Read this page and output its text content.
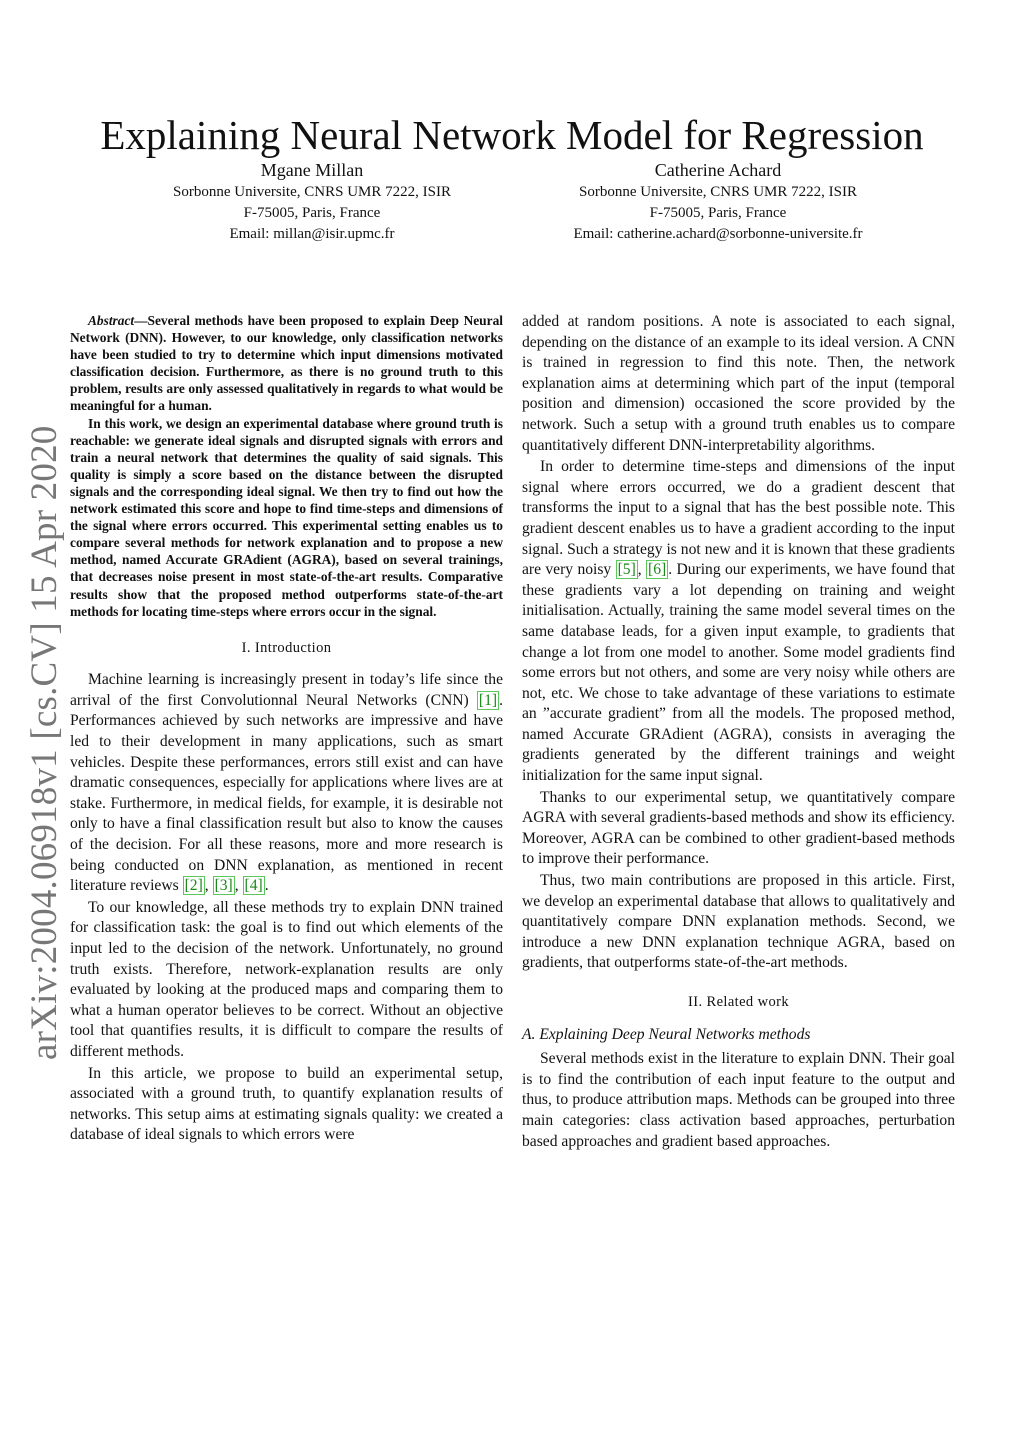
Explaining Neural Network Model for Regression
Mgane Millan
Sorbonne Universite, CNRS UMR 7222, ISIR
F-75005, Paris, France
Email: millan@isir.upmc.fr
Catherine Achard
Sorbonne Universite, CNRS UMR 7222, ISIR
F-75005, Paris, France
Email: catherine.achard@sorbonne-universite.fr
arXiv:2004.06918v1 [cs.CV] 15 Apr 2020

Abstract—Several methods have been proposed to explain Deep Neural Network (DNN). However, to our knowledge, only classification networks have been studied to try to determine which input dimensions motivated classification decision. Furthermore, as there is no ground truth to this problem, results are only assessed qualitatively in regards to what would be meaningful for a human.

In this work, we design an experimental database where ground truth is reachable: we generate ideal signals and disrupted signals with errors and train a neural network that determines the quality of said signals. This quality is simply a score based on the distance between the disrupted signals and the corresponding ideal signal. We then try to find out how the network estimated this score and hope to find time-steps and dimensions of the signal where errors occurred. This experimental setting enables us to compare several methods for network explanation and to propose a new method, named Accurate GRAdient (AGRA), based on several trainings, that decreases noise present in most state-of-the-art results. Comparative results show that the proposed method outperforms state-of-the-art methods for locating time-steps where errors occur in the signal.

I. Introduction

Machine learning is increasingly present in today’s life since the arrival of the first Convolutionnal Neural Networks (CNN) [1] . Performances achieved by such networks are impressive and have led to their development in many applications, such as smart vehicles. Despite these performances, errors still exist and can have dramatic consequences, especially for applications where lives are at stake. Furthermore, in medical fields, for example, it is desirable not only to have a final classification result but also to know the causes of the decision. For all these reasons, more and more research is being conducted on DNN explanation, as mentioned in recent literature reviews [2] , [3] , [4] .

To our knowledge, all these methods try to explain DNN trained for classification task: the goal is to find out which elements of the input led to the decision of the network. Unfortunately, no ground truth exists. Therefore, network-explanation results are only evaluated by looking at the produced maps and comparing them to what a human operator believes to be correct. Without an objective tool that quantifies results, it is difficult to compare the results of different methods.

In this article, we propose to build an experimental setup, associated with a ground truth, to quantify explanation results of networks. This setup aims at estimating signals quality: we created a database of ideal signals to which errors were

added at random positions. A note is associated to each signal, depending on the distance of an example to its ideal version. A CNN is trained in regression to find this note. Then, the network explanation aims at determining which part of the input (temporal position and dimension) occasioned the score provided by the network. Such a setup with a ground truth enables us to compare quantitatively different DNN-interpretability algorithms.

In order to determine time-steps and dimensions of the input signal where errors occurred, we do a gradient descent that transforms the input to a signal that has the best possible note. This gradient descent enables us to have a gradient according to the input signal. Such a strategy is not new and it is known that these gradients are very noisy [5] , [6] . During our experiments, we have found that these gradients vary a lot depending on training and weight initialisation. Actually, training the same model several times on the same database leads, for a given input example, to gradients that change a lot from one model to another. Some model gradients find some errors but not others, and some are very noisy while others are not, etc. We chose to take advantage of these variations to estimate an ”accurate gradient” from all the models. The proposed method, named Accurate GRAdient (AGRA), consists in averaging the gradients generated by the different trainings and weight initialization for the same input signal.

Thanks to our experimental setup, we quantitatively compare AGRA with several gradients-based methods and show its efficiency. Moreover, AGRA can be combined to other gradient-based methods to improve their performance.

Thus, two main contributions are proposed in this article. First, we develop an experimental database that allows to qualitatively and quantitatively compare DNN explanation methods. Second, we introduce a new DNN explanation technique AGRA, based on gradients, that outperforms state-of-the-art methods.

II. Related work
A. Explaining Deep Neural Networks methods

Several methods exist in the literature to explain DNN. Their goal is to find the contribution of each input feature to the output and thus, to produce attribution maps. Methods can be grouped into three main categories: class activation based approaches, perturbation based approaches and gradient based approaches.
